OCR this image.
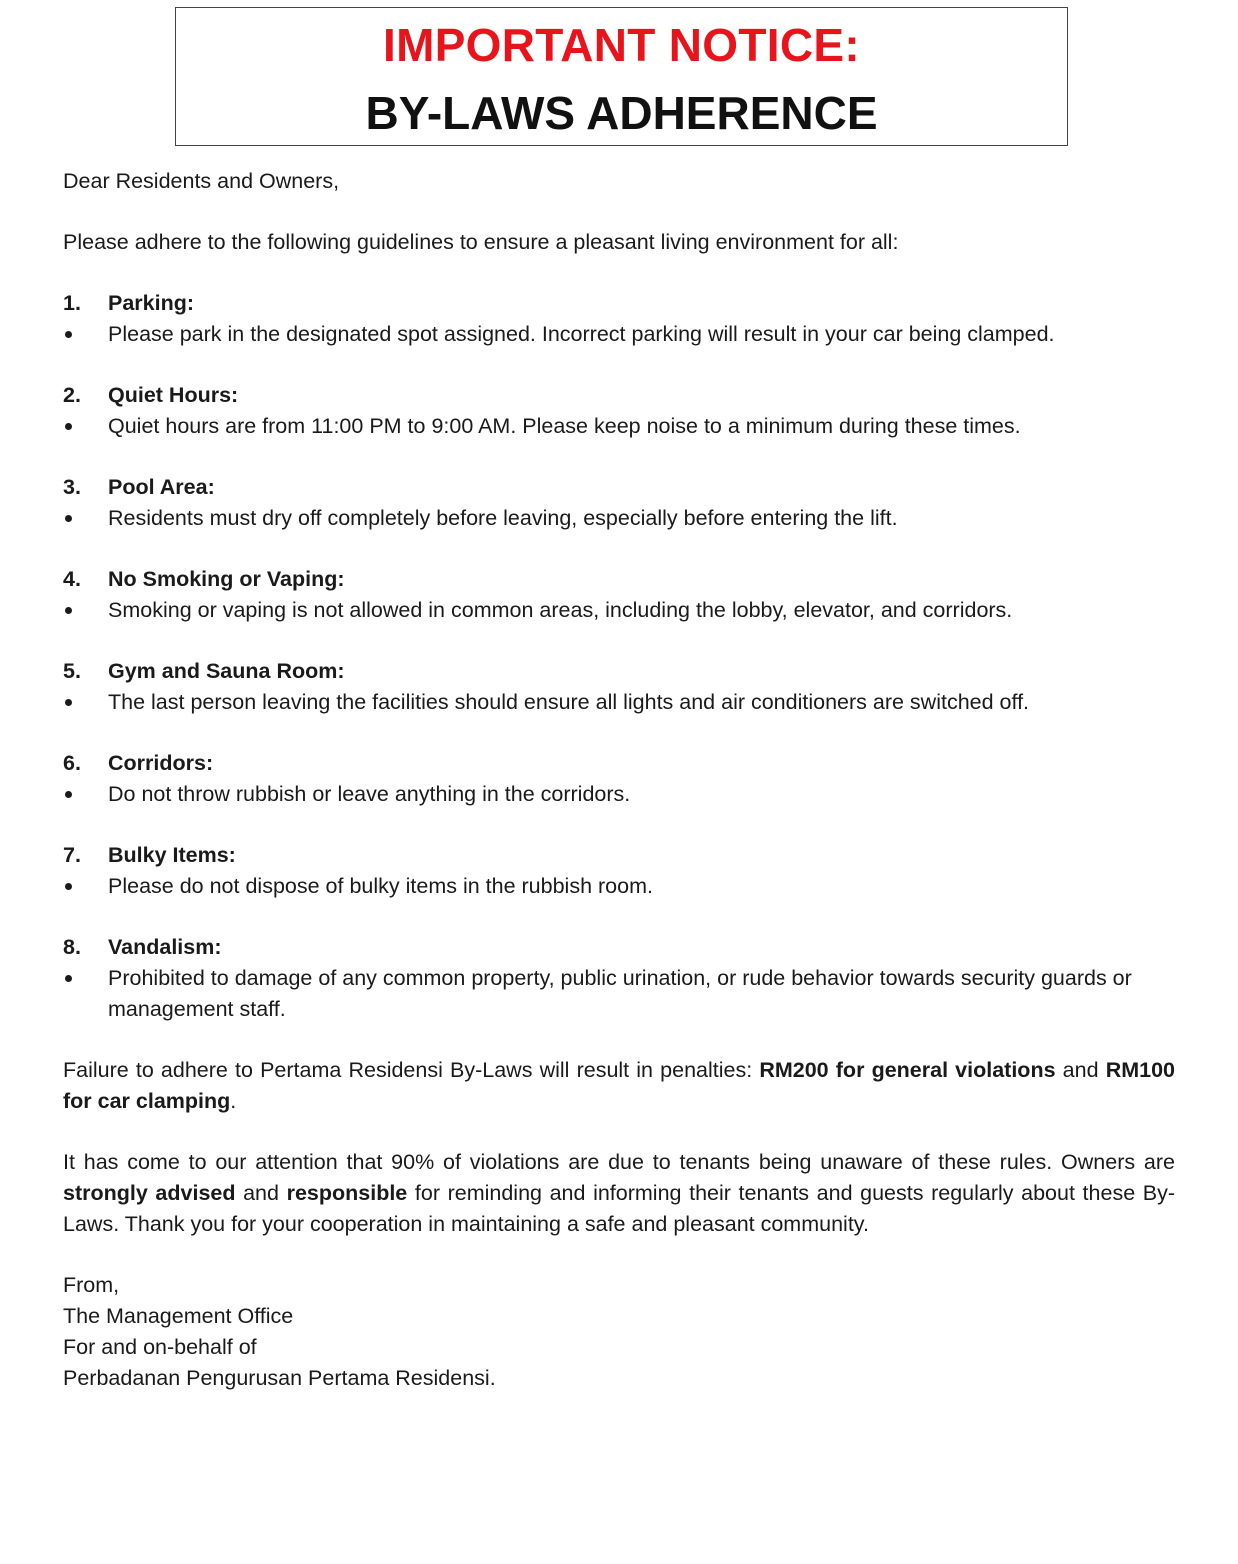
IMPORTANT NOTICE:
BY-LAWS ADHERENCE

Dear Residents and Owners,

Please adhere to the following guidelines to ensure a pleasant living environment for all:

1.	Parking:
Please park in the designated spot assigned. Incorrect parking will result in your car being clamped.
2.	Quiet Hours:
Quiet hours are from 11:00 PM to 9:00 AM. Please keep noise to a minimum during these times.
3.	Pool Area:
Residents must dry off completely before leaving, especially before entering the lift.
4.	No Smoking or Vaping:
Smoking or vaping is not allowed in common areas, including the lobby, elevator, and corridors.
5.	Gym and Sauna Room:
The last person leaving the facilities should ensure all lights and air conditioners are switched off.
6.	Corridors:
Do not throw rubbish or leave anything in the corridors.
7.	Bulky Items:
Please do not dispose of bulky items in the rubbish room.
8.	Vandalism:
Prohibited to damage of any common property, public urination, or rude behavior towards security guards or management staff.

Failure to adhere to Pertama Residensi By-Laws will result in penalties: RM200 for general violations and RM100 for car clamping.

It has come to our attention that 90% of violations are due to tenants being unaware of these rules. Owners are strongly advised and responsible for reminding and informing their tenants and guests regularly about these By-Laws. Thank you for your cooperation in maintaining a safe and pleasant community.

From,

The Management Office

For and on-behalf of

Perbadanan Pengurusan Pertama Residensi.
